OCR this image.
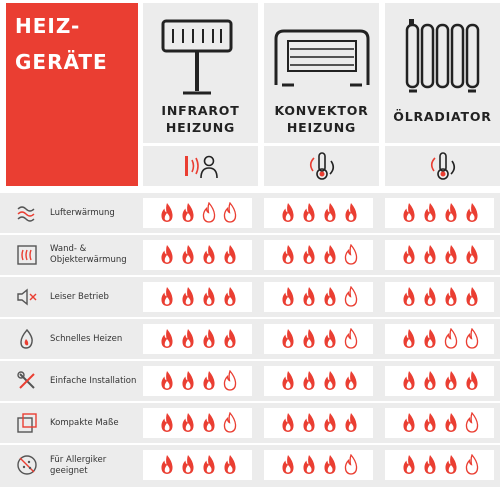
HEIZ-
GERÄTE
INFRAROT
HEIZUNG
KONVEKTOR
HEIZUNG
ÖLRADIATOR
Lufterwärmung
Wand- &
Objekterwärmung
Leiser Betrieb
Schnelles Heizen
Einfache Installation
Kompakte Maße
Für Allergiker
geeignet
